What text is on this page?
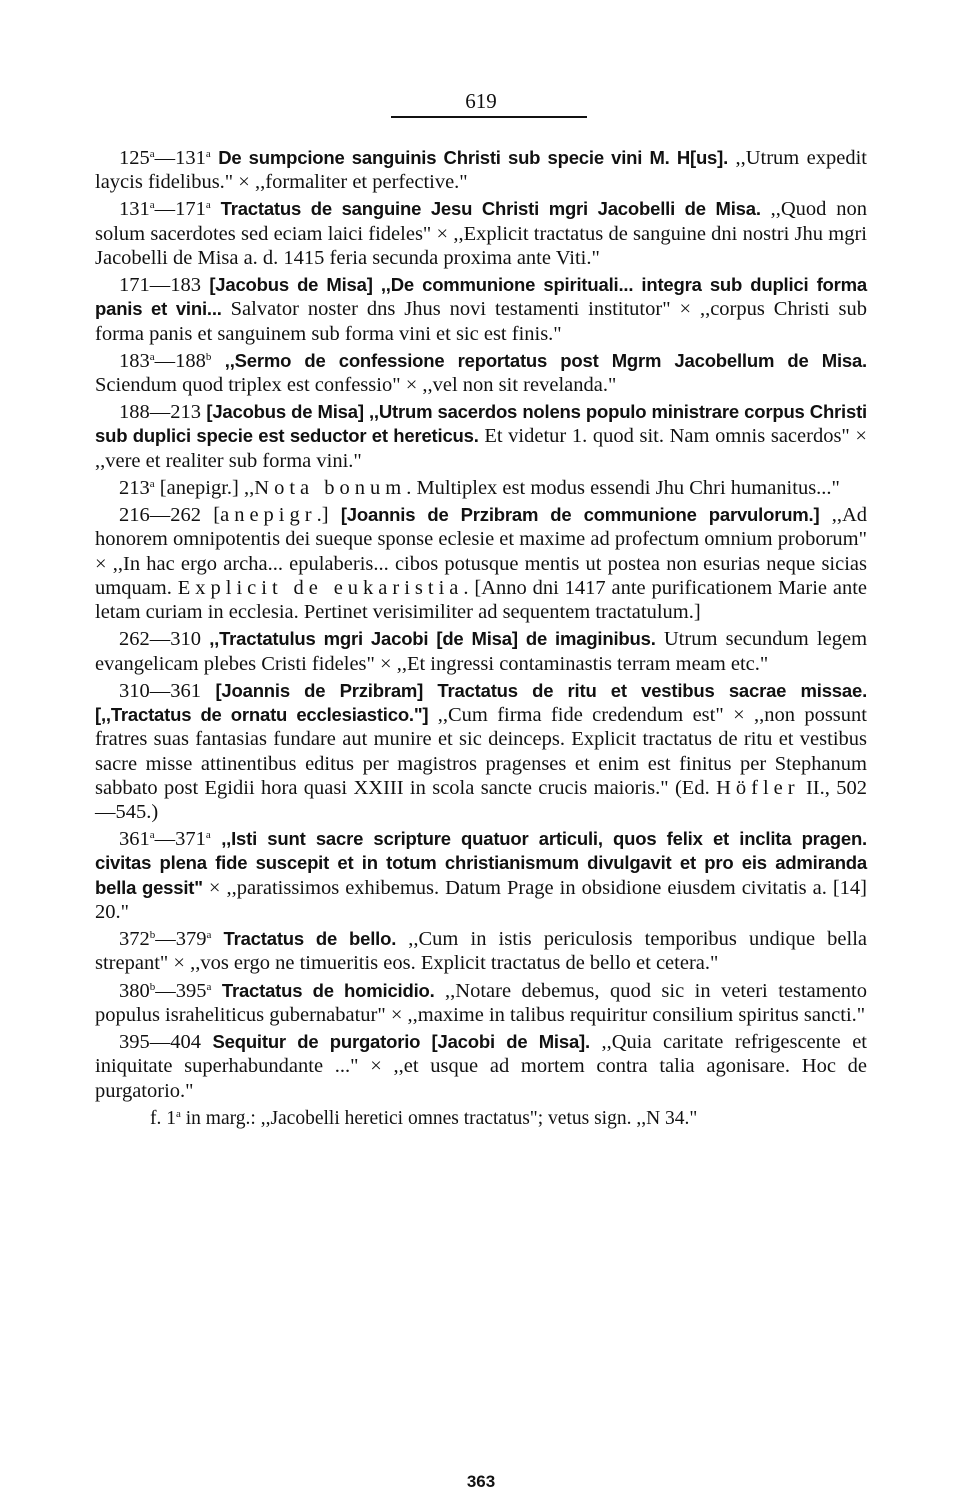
619

125$^a$—131$^a$ De sumpcione sanguinis Christi sub specie vini M. H[us]. ,,Utrum expedit laycis fidelibus." × ,,formaliter et perfective."

131$^a$—171$^a$ Tractatus de sanguine Jesu Christi mgri Jacobelli de Misa. ,,Quod non solum sacerdotes sed eciam laici fideles" × ,,Explicit tractatus de sanguine dni nostri Jhu mgri Jacobelli de Misa a. d. 1415 feria secunda proxima ante Viti."

171—183 [Jacobus de Misa] ,,De communione spirituali... integra sub duplici forma panis et vini... Salvator noster dns Jhus novi testamenti institutor" × ,,corpus Christi sub forma panis et sanguinem sub forma vini et sic est finis."

183$^a$—188$^b$ ,,Sermo de confessione reportatus post Mgrm Jacobellum de Misa. Sciendum quod triplex est confessio" × ,,vel non sit revelanda."

188—213 [Jacobus de Misa] ,,Utrum sacerdos nolens populo ministrare corpus Christi sub duplici specie est seductor et hereticus. Et videtur 1. quod sit. Nam omnis sacerdos" × ,,vere et realiter sub forma vini."

213$^a$ [anepigr.] ,,Nota bonum. Multiplex est modus essendi Jhu Chri humanitus..."

216—262 [anepigr.] [Joannis de Przibram de communione parvulorum.] ,,Ad honorem omnipotentis dei sueque sponse eclesie et maxime ad profectum omnium proborum" × ,,In hac ergo archa... epulaberis... cibos potusque mentis ut postea non esurias neque sicias umquam. Explicit de eukaristia. [Anno dni 1417 ante purificationem Marie ante letam curiam in ecclesia. Pertinet verisimiliter ad sequentem tractatulum.]

262—310 ,,Tractatulus mgri Jacobi [de Misa] de imaginibus. Utrum secundum legem evangelicam plebes Cristi fideles" × ,,Et ingressi contaminastis terram meam etc."

310—361 [Joannis de Przibram] Tractatus de ritu et vestibus sacrae missae. [,,Tractatus de ornatu ecclesiastico."] ,,Cum firma fide credendum est" × ,,non possunt fratres suas fantasias fundare aut munire et sic deinceps. Explicit tractatus de ritu et vestibus sacre misse attinentibus editus per magistros pragenses et enim est finitus per Stephanum sabbato post Egidii hora quasi XXIII in scola sancte crucis maioris." (Ed. Höfler II., 502—545.)

361$^a$—371$^a$ ,,Isti sunt sacre scripture quatuor articuli, quos felix et inclita pragen. civitas plena fide suscepit et in totum christianismum divulgavit et pro eis admiranda bella gessit" × ,,paratissimos exhibemus. Datum Prage in obsidione eiusdem civitatis a. [14] 20."

372$^b$—379$^a$ Tractatus de bello. ,,Cum in istis periculosis temporibus undique bella strepant" × ,,vos ergo ne timueritis eos. Explicit tractatus de bello et cetera."

380$^b$—395$^a$ Tractatus de homicidio. ,,Notare debemus, quod sic in veteri testamento populus israheliticus gubernabatur" × ,,maxime in talibus requiritur consilium spiritus sancti."

395—404 Sequitur de purgatorio [Jacobi de Misa]. ,,Quia caritate refrigescente et iniquitate superhabundante ..." × ,,et usque ad mortem contra talia agonisare. Hoc de purgatorio."

f. 1$^a$ in marg.: ,,Jacobelli heretici omnes tractatus"; vetus sign. ,,N 34."

363
